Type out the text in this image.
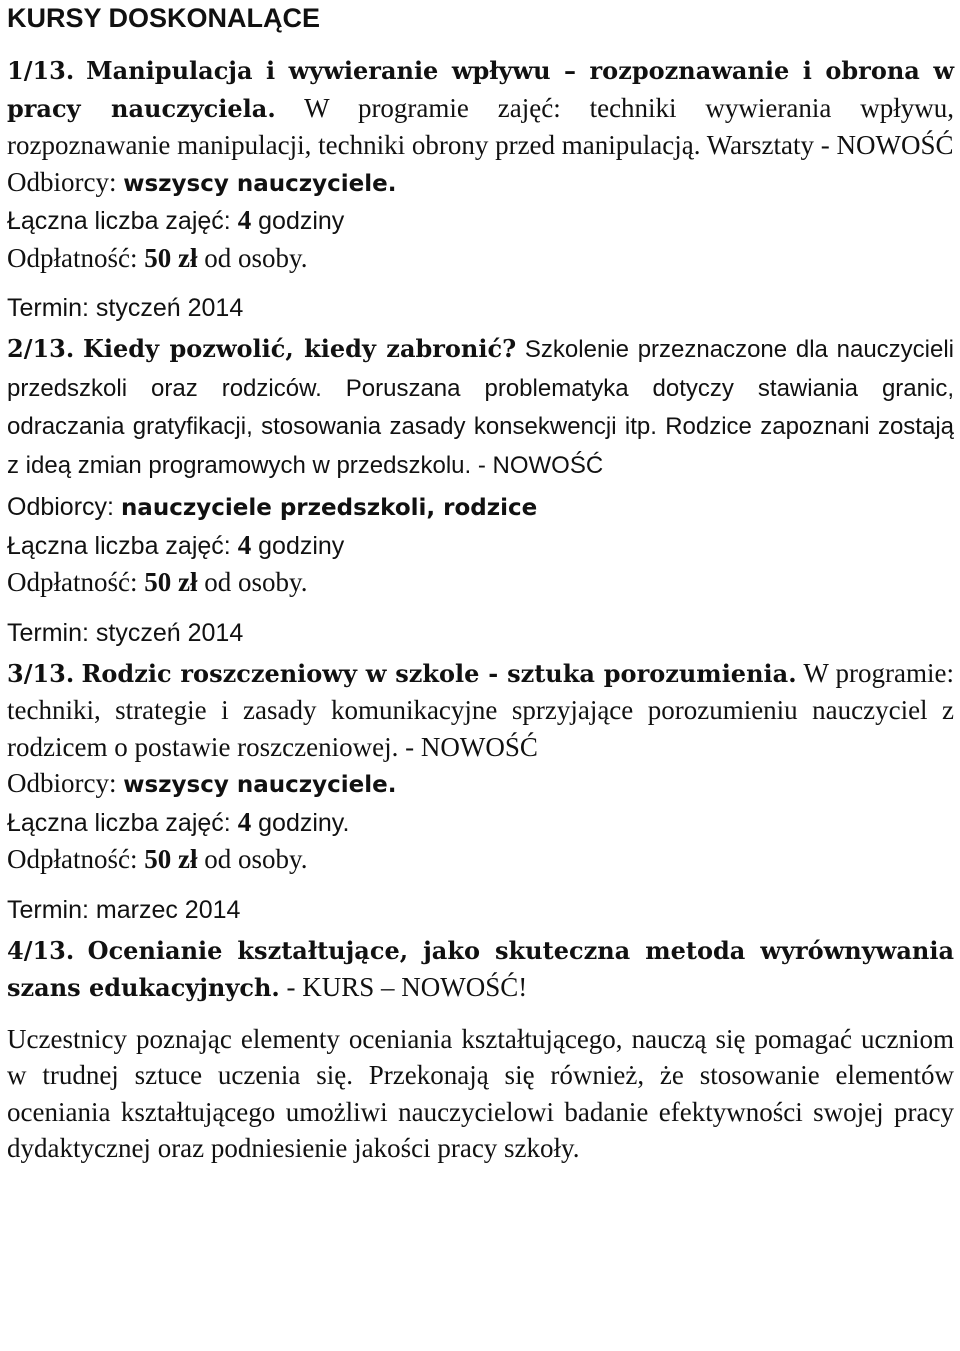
KURSY DOSKONALĄCE

1/13. Manipulacja i wywieranie wpływu – rozpoznawanie i obrona w pracy nauczyciela. W programie zajęć: techniki wywierania wpływu, rozpoznawanie manipulacji, techniki obrony przed manipulacją. Warsztaty - NOWOŚĆ

Odbiorcy: wszyscy nauczyciele.

Łączna liczba zajęć: 4 godziny

Odpłatność: 50 zł od osoby.

Termin: styczeń 2014

2/13. Kiedy pozwolić, kiedy zabronić? Szkolenie przeznaczone dla nauczycieli przedszkoli oraz rodziców. Poruszana problematyka dotyczy stawiania granic, odraczania gratyfikacji, stosowania zasady konsekwencji itp. Rodzice zapoznani zostają z ideą zmian programowych w przedszkolu. - NOWOŚĆ

Odbiorcy: nauczyciele przedszkoli, rodzice

Łączna liczba zajęć: 4 godziny

Odpłatność: 50 zł od osoby.

Termin: styczeń 2014

3/13. Rodzic roszczeniowy w szkole - sztuka porozumienia. W programie: techniki, strategie i zasady komunikacyjne sprzyjające porozumieniu nauczyciel z rodzicem o postawie roszczeniowej. - NOWOŚĆ

Odbiorcy: wszyscy nauczyciele.

Łączna liczba zajęć: 4 godziny.

Odpłatność: 50 zł od osoby.

Termin: marzec 2014

4/13. Ocenianie kształtujące, jako skuteczna metoda wyrównywania szans edukacyjnych. - KURS – NOWOŚĆ!

Uczestnicy poznając elementy oceniania kształtującego, nauczą się pomagać uczniom w trudnej sztuce uczenia się. Przekonają się również, że stosowanie elementów oceniania kształtującego umożliwi nauczycielowi badanie efektywności swojej pracy dydaktycznej oraz podniesienie jakości pracy szkoły.
